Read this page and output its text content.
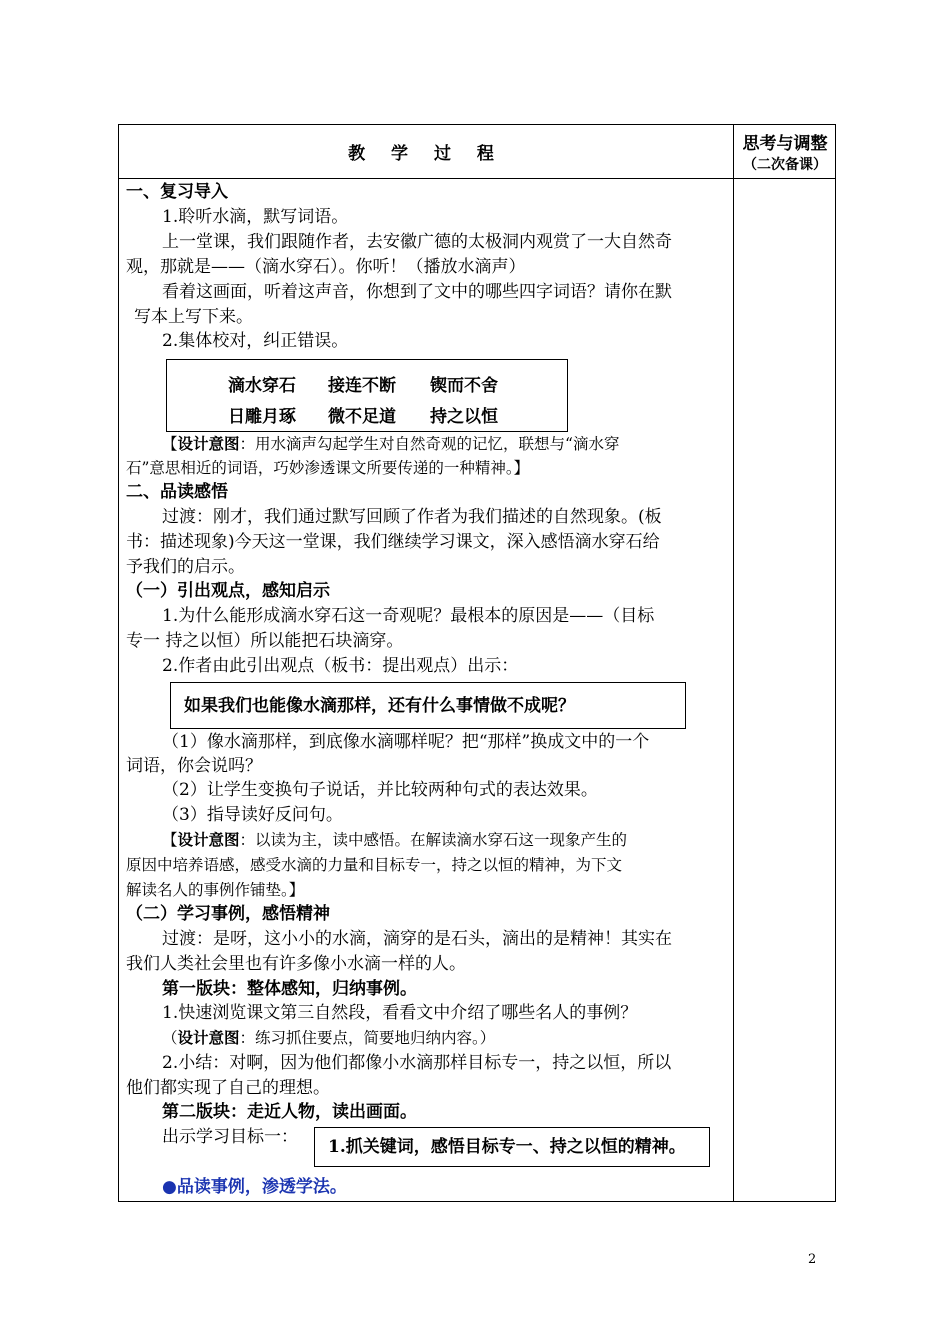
教 学 过 程	思考与调整
（二次备课）
一、复习导入
1.聆听水滴，默写词语。
上一堂课，我们跟随作者，去安徽广德的太极洞内观赏了一大自然奇
观，那就是——（滴水穿石）。你听！（播放水滴声）
看着这画面，听着这声音，你想到了文中的哪些四字词语？请你在默
写本上写下来。
2.集体校对，纠正错误。
滴水穿石 接连不断 锲而不舍
日雕月琢 微不足道 持之以恒
【设计意图：用水滴声勾起学生对自然奇观的记忆，联想与“滴水穿
石”意思相近的词语，巧妙渗透课文所要传递的一种精神。】
二、品读感悟
过渡：刚才，我们通过默写回顾了作者为我们描述的自然现象。(板
书：描述现象)今天这一堂课，我们继续学习课文，深入感悟滴水穿石给
予我们的启示。
（一）引出观点，感知启示
1.为什么能形成滴水穿石这一奇观呢？最根本的原因是——（目标
专一 持之以恒）所以能把石块滴穿。
2.作者由此引出观点（板书：提出观点）出示：
如果我们也能像水滴那样，还有什么事情做不成呢？
（1）像水滴那样，到底像水滴哪样呢？把“那样”换成文中的一个
词语，你会说吗？
（2）让学生变换句子说话，并比较两种句式的表达效果。
（3）指导读好反问句。
【设计意图：以读为主，读中感悟。在解读滴水穿石这一现象产生的
原因中培养语感，感受水滴的力量和目标专一，持之以恒的精神，为下文
解读名人的事例作铺垫。】
（二）学习事例，感悟精神
过渡：是呀，这小小的水滴，滴穿的是石头，滴出的是精神！其实在
我们人类社会里也有许多像小水滴一样的人。
第一版块：整体感知，归纳事例。
1.快速浏览课文第三自然段，看看文中介绍了哪些名人的事例？
（设计意图：练习抓住要点，简要地归纳内容。）
2.小结：对啊，因为他们都像小水滴那样目标专一，持之以恒，所以
他们都实现了自己的理想。
第二版块：走近人物，读出画面。
出示学习目标一： 1.抓关键词，感悟目标专一、持之以恒的精神。
●品读事例，渗透学法。
2
